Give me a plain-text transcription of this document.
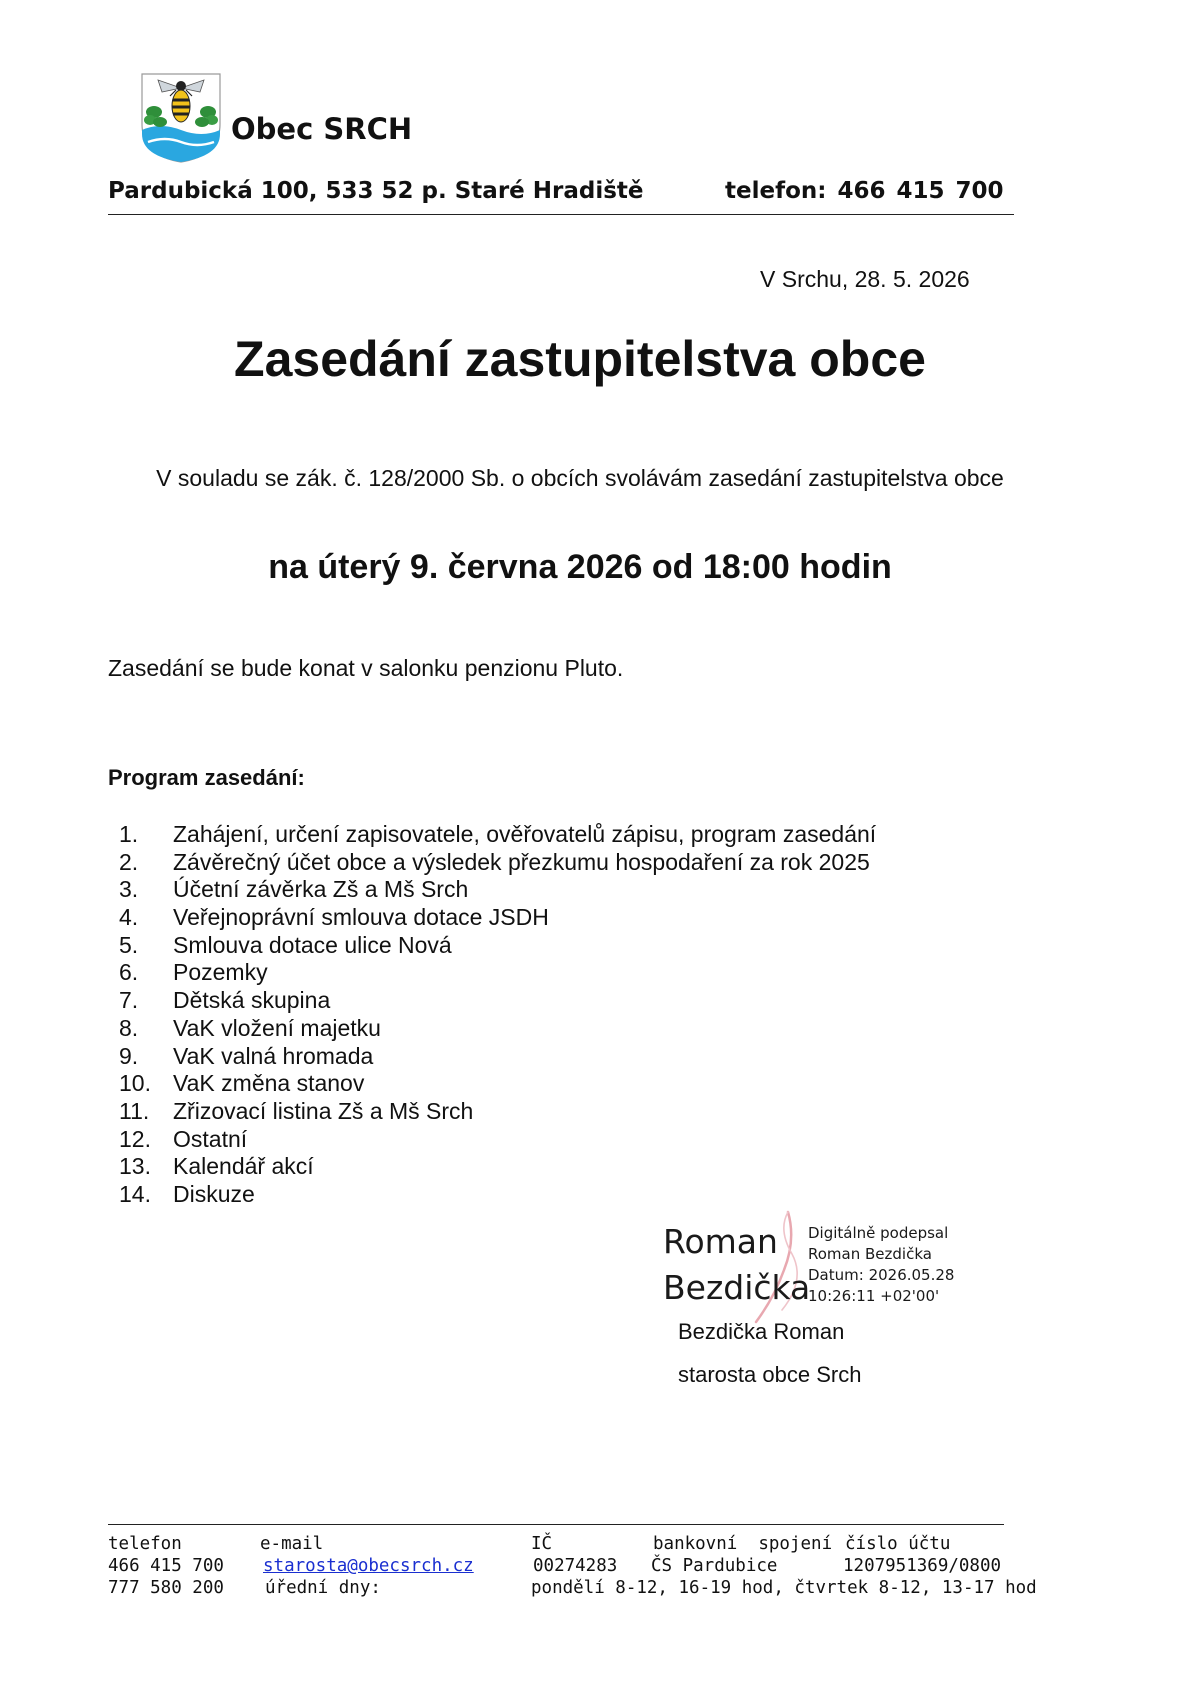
Obec SRCH
Pardubická 100, 533 52 p. Staré Hradiště	telefon: 466 415 700
V Srchu, 28. 5. 2026
Zasedání zastupitelstva obce
V souladu se zák. č. 128/2000 Sb. o obcích svolávám zasedání zastupitelstva obce
na úterý 9. června 2026 od 18:00 hodin
Zasedání se bude konat v salonku penzionu Pluto.
Program zasedání:
1.	Zahájení, určení zapisovatele, ověřovatelů zápisu, program zasedání
2.	Závěrečný účet obce a výsledek přezkumu hospodaření za rok 2025
3.	Účetní závěrka Zš a Mš Srch
4.	Veřejnoprávní smlouva dotace JSDH
5.	Smlouva dotace ulice Nová
6.	Pozemky
7.	Dětská skupina
8.	VaK vložení majetku
9.	VaK valná hromada
10. VaK změna stanov
11.	Zřizovací listina Zš a Mš Srch
12. Ostatní
13. Kalendář akcí
14. Diskuze
Roman
Bezdička
Digitálně podepsal
Roman Bezdička
Datum: 2026.05.28
10:26:11 +02'00'
Bezdička Roman
starosta obce Srch
telefon	e-mail	IČ	bankovní  spojení číslo účtu
466 415 700 starosta@obecsrch.cz	00274283 ČS Pardubice	1207951369/0800
777 580 200 úřední dny:	pondělí 8-12, 16-19 hod, čtvrtek 8-12, 13-17 hod
